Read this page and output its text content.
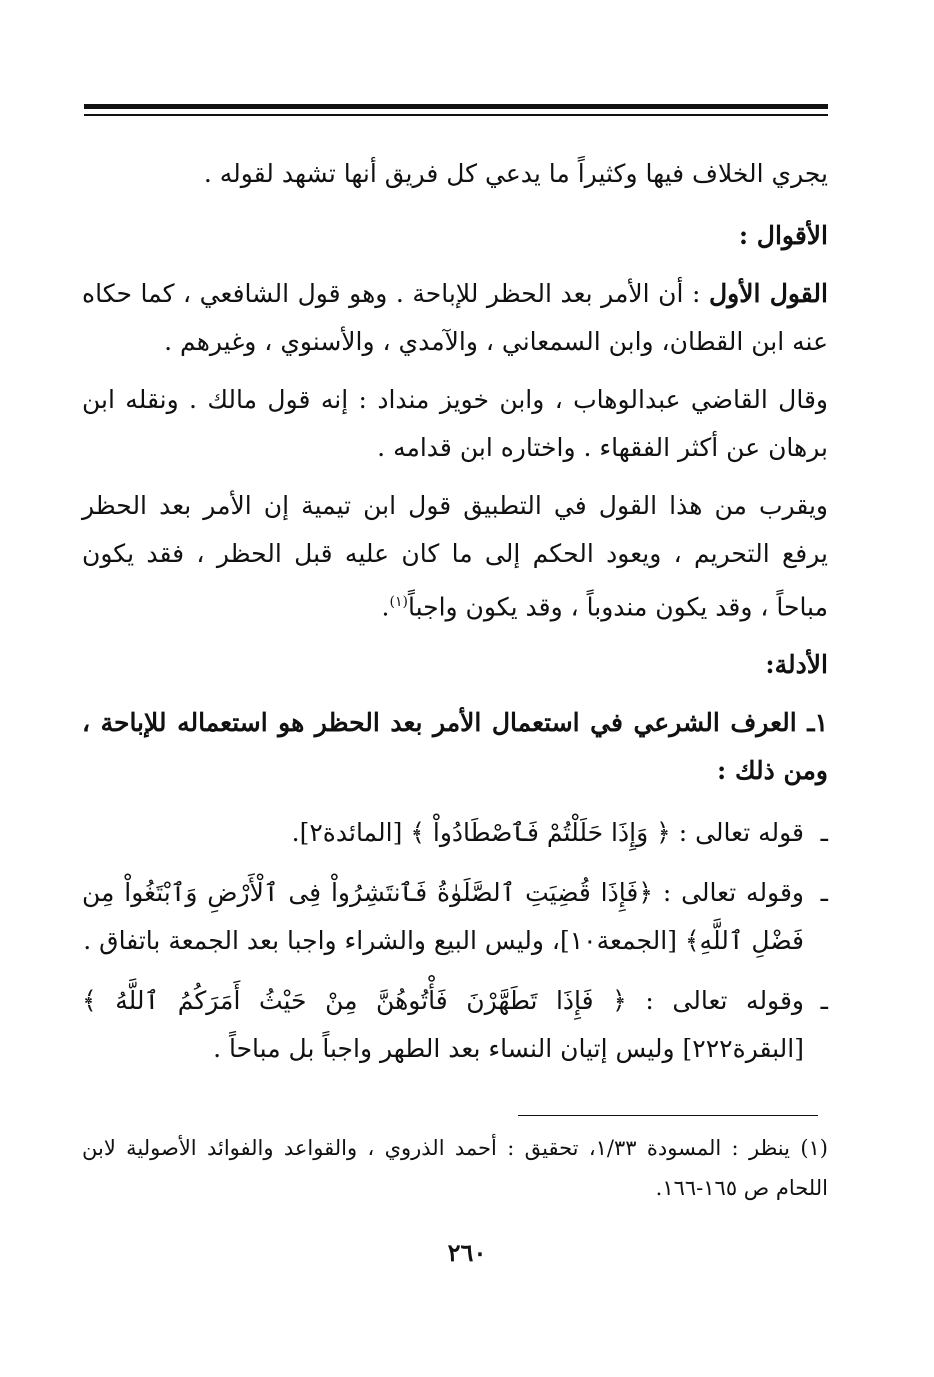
يجري الخلاف فيها وكثيراً ما يدعي كل فريق أنها تشهد لقوله .

الأقوال :

القول الأول : أن الأمر بعد الحظر للإباحة . وهو قول الشافعي ، كما حكاه عنه ابن القطان، وابن السمعاني ، والآمدي ، والأسنوي ، وغيرهم .

وقال القاضي عبدالوهاب ، وابن خويز منداد : إنه قول مالك . ونقله ابن برهان عن أكثر الفقهاء . واختاره ابن قدامه .

ويقرب من هذا القول في التطبيق قول ابن تيمية إن الأمر بعد الحظر يرفع التحريم ، ويعود الحكم إلى ما كان عليه قبل الحظر ، فقد يكون مباحاً ، وقد يكون مندوباً ، وقد يكون واجباً$^{(١)}$.

الأدلة:

١ـ العرف الشرعي في استعمال الأمر بعد الحظر هو استعماله للإباحة ، ومن ذلك :

ـ
قوله تعالى : ﴿ وَإِذَا حَلَلْتُمْ فَٱصْطَادُواْ ﴾ [المائدة٢].

ـ
وقوله تعالى : ﴿فَإِذَا قُضِيَتِ ٱلصَّلَوٰةُ فَٱنتَشِرُواْ فِى ٱلْأَرْضِ وَٱبْتَغُواْ مِن فَضْلِ ٱللَّهِ﴾ [الجمعة١٠]، وليس البيع والشراء واجبا بعد الجمعة باتفاق .

ـ
وقوله تعالى : ﴿ فَإِذَا تَطَهَّرْنَ فَأْتُوهُنَّ مِنْ حَيْثُ أَمَرَكُمُ ٱللَّهُ ﴾ [البقرة٢٢٢] وليس إتيان النساء بعد الطهر واجباً بل مباحاً .

(١) ينظر : المسودة ١/٣٣، تحقيق : أحمد الذروي ، والقواعد والفوائد الأصولية لابن اللحام ص ١٦٥-١٦٦.

٢٦٠
